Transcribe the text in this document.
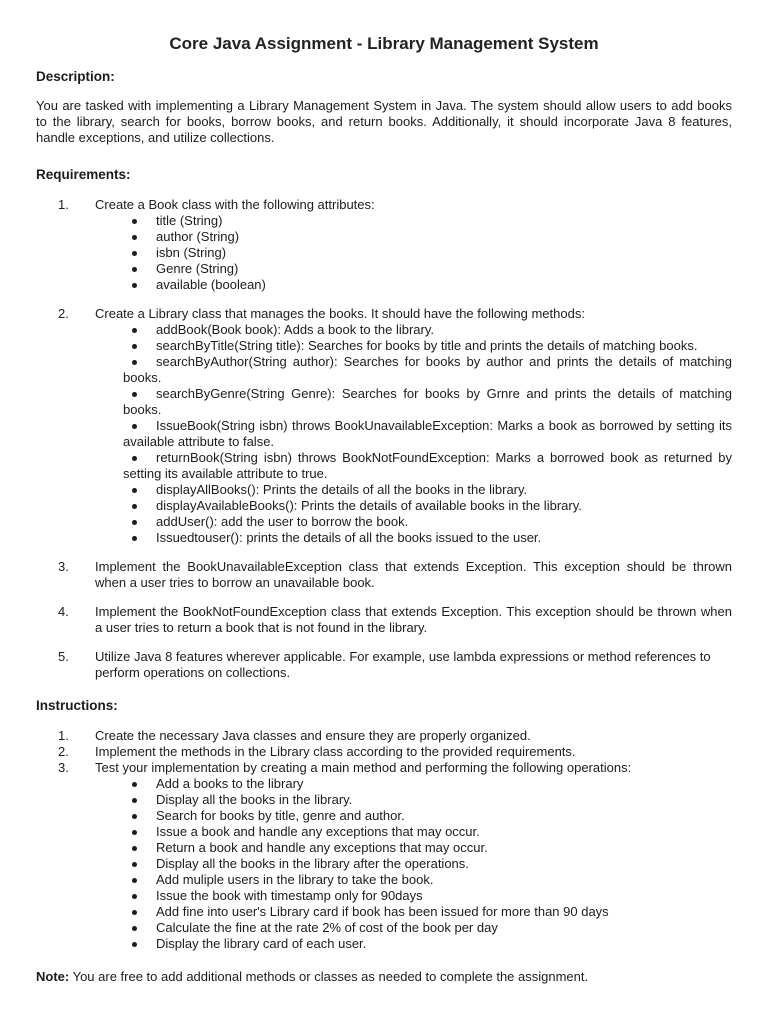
Core Java Assignment - Library Management System
Description:
You are tasked with implementing a Library Management System in Java. The system should allow users to add books to the library, search for books, borrow books, and return books. Additionally, it should incorporate Java 8 features, handle exceptions, and utilize collections.
Requirements:
1. Create a Book class with the following attributes:
title (String)
author (String)
isbn (String)
Genre (String)
available (boolean)
2. Create a Library class that manages the books. It should have the following methods:
addBook(Book book): Adds a book to the library.
searchByTitle(String title): Searches for books by title and prints the details of matching books.
searchByAuthor(String author): Searches for books by author and prints the details of matching books.
searchByGenre(String Genre): Searches for books by Grnre and prints the details of matching books.
IssueBook(String isbn) throws BookUnavailableException: Marks a book as borrowed by setting its available attribute to false.
returnBook(String isbn) throws BookNotFoundException: Marks a borrowed book as returned by setting its available attribute to true.
displayAllBooks(): Prints the details of all the books in the library.
displayAvailableBooks(): Prints the details of available books in the library.
addUser(): add the user to borrow the book.
Issuedtouser(): prints the details of all the books issued to the user.
3. Implement the BookUnavailableException class that extends Exception. This exception should be thrown when a user tries to borrow an unavailable book.
4. Implement the BookNotFoundException class that extends Exception. This exception should be thrown when a user tries to return a book that is not found in the library.
5. Utilize Java 8 features wherever applicable. For example, use lambda expressions or method references to perform operations on collections.
Instructions:
1. Create the necessary Java classes and ensure they are properly organized.
2. Implement the methods in the Library class according to the provided requirements.
3. Test your implementation by creating a main method and performing the following operations:
Add a books to the library
Display all the books in the library.
Search for books by title, genre and author.
Issue a book and handle any exceptions that may occur.
Return a book and handle any exceptions that may occur.
Display all the books in the library after the operations.
Add muliple users in the library to take the book.
Issue the book with timestamp only for 90days
Add fine into user's Library card if book has been issued for more than 90 days
Calculate the fine at the rate 2% of cost of the book per day
Display the library card of each user.
Note: You are free to add additional methods or classes as needed to complete the assignment.
